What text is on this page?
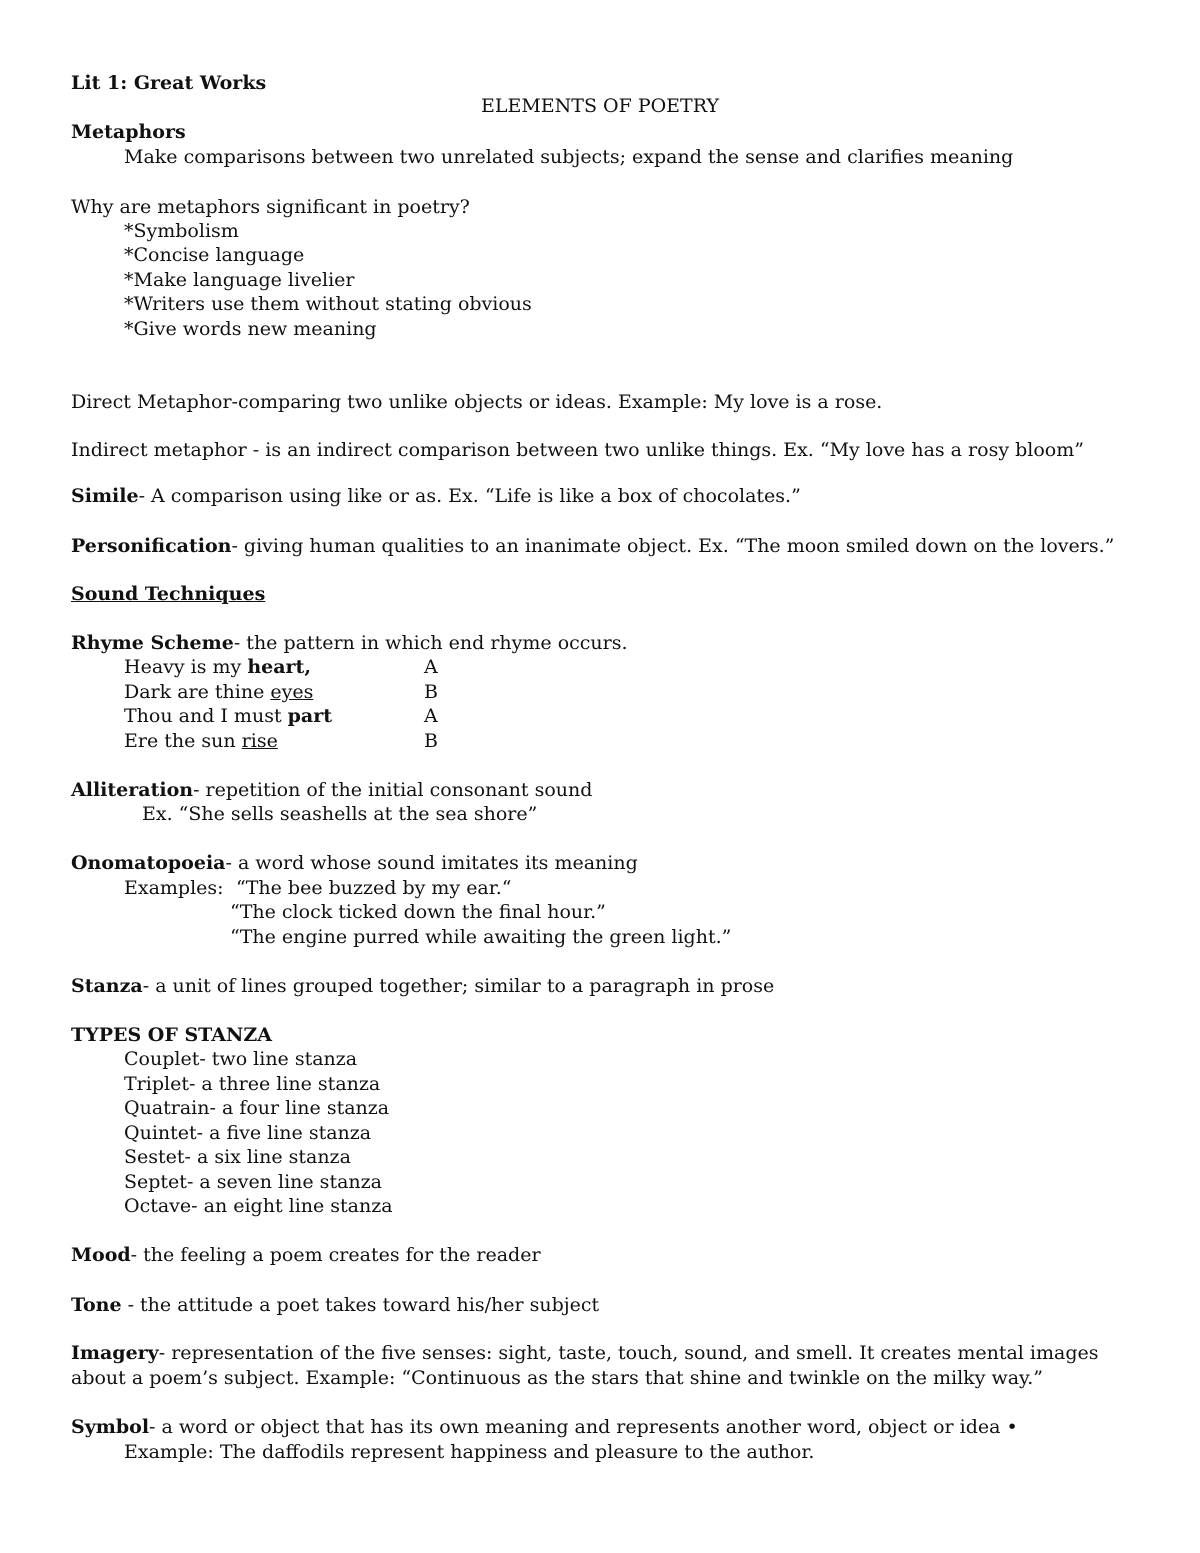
Lit 1: Great Works
ELEMENTS OF POETRY
Metaphors
Make comparisons between two unrelated subjects; expand the sense and clarifies meaning
Why are metaphors significant in poetry?
*Symbolism
*Concise language
*Make language livelier
*Writers use them without stating obvious
*Give words new meaning
Direct Metaphor-comparing two unlike objects or ideas. Example: My love is a rose.
Indirect metaphor - is an indirect comparison between two unlike things. Ex. “My love has a rosy bloom”
Simile- A comparison using like or as. Ex. “Life is like a box of chocolates.”
Personification- giving human qualities to an inanimate object. Ex. “The moon smiled down on the lovers.”
Sound Techniques
Rhyme Scheme- the pattern in which end rhyme occurs.
Heavy is my heart,	A
Dark are thine eyes	B
Thou and I must part	A
Ere the sun rise	B
Alliteration- repetition of the initial consonant sound
Ex. “She sells seashells at the sea shore”
Onomatopoeia- a word whose sound imitates its meaning
Examples: “The bee buzzed by my ear.“
“The clock ticked down the final hour.”
“The engine purred while awaiting the green light.”
Stanza- a unit of lines grouped together; similar to a paragraph in prose
TYPES OF STANZA
Couplet- two line stanza
Triplet- a three line stanza
Quatrain- a four line stanza
Quintet- a five line stanza
Sestet- a six line stanza
Septet- a seven line stanza
Octave- an eight line stanza
Mood- the feeling a poem creates for the reader
Tone - the attitude a poet takes toward his/her subject
Imagery- representation of the five senses: sight, taste, touch, sound, and smell. It creates mental images
about a poem’s subject. Example: “Continuous as the stars that shine and twinkle on the milky way.”
Symbol- a word or object that has its own meaning and represents another word, object or idea •
Example: The daffodils represent happiness and pleasure to the author.
